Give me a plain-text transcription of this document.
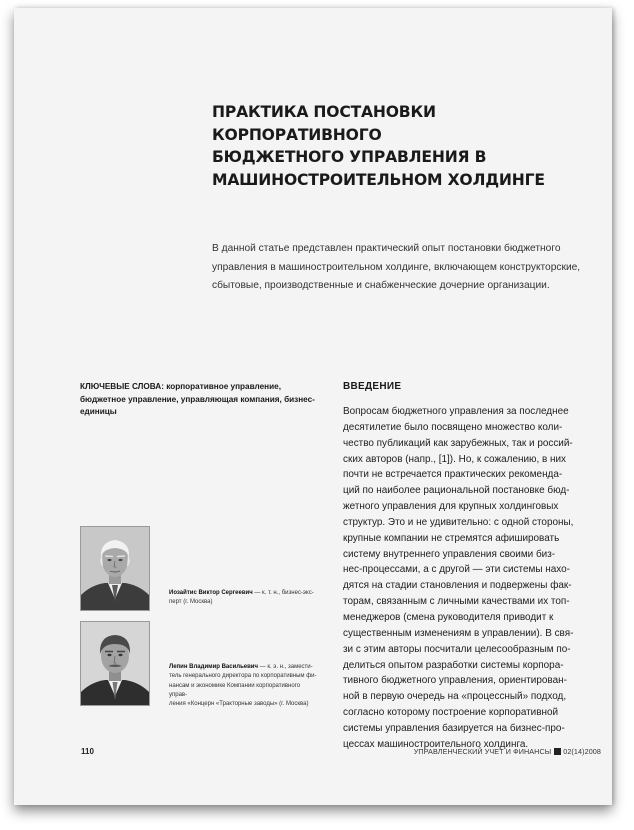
ПРАКТИКА ПОСТАНОВКИ КОРПОРАТИВНОГО
БЮДЖЕТНОГО УПРАВЛЕНИЯ В
МАШИНОСТРОИТЕЛЬНОМ ХОЛДИНГЕ

В данной статье представлен практический опыт постановки бюджетного управления в машиностроительном холдинге, включающем конструкторские, сбытовые, производственные и снабженческие дочерние организации.

КЛЮЧЕВЫЕ СЛОВА: корпоративное управление, бюджетное управление, управляющая компания, бизнес-единицы

ВВЕДЕНИЕ

Вопросам бюджетного управления за последнее
десятилетие было посвящено множество коли-
чество публикаций как зарубежных, так и россий-
ских авторов (напр., [1]). Но, к сожалению, в них
почти не встречается практических рекоменда-
ций по наиболее рациональной постановке бюд-
жетного управления для крупных холдинговых
структур. Это и не удивительно: с одной стороны,
крупные компании не стремятся афишировать
систему внутреннего управления своими биз-
нес-процессами, а с другой — эти системы нахо-
дятся на стадии становления и подвержены фак-
торам, связанным с личными качествами их топ-
менеджеров (смена руководителя приводит к
существенным изменениям в управлении). В свя-
зи с этим авторы посчитали целесообразным по-
делиться опытом разработки системы корпора-
тивного бюджетного управления, ориентирован-
ной в первую очередь на «процессный» подход,
согласно которому построение корпоративной
системы управления базируется на бизнес-про-
цессах машиностроительного холдинга.

Иозайтис Виктор Сергеевич — к. т. н., бизнес-экс-
перт (г. Москва)

Лепин Владимир Васильевич — к. э. н., замести-
тель генерального директора по корпоративным фи-
нансам и экономике Компании корпоративного управ-
ления «Концерн «Тракторные заводы» (г. Москва)

110	УПРАВЛЕНЧЕСКИЙ УЧЕТ И ФИНАНСЫ 02(14)2008
